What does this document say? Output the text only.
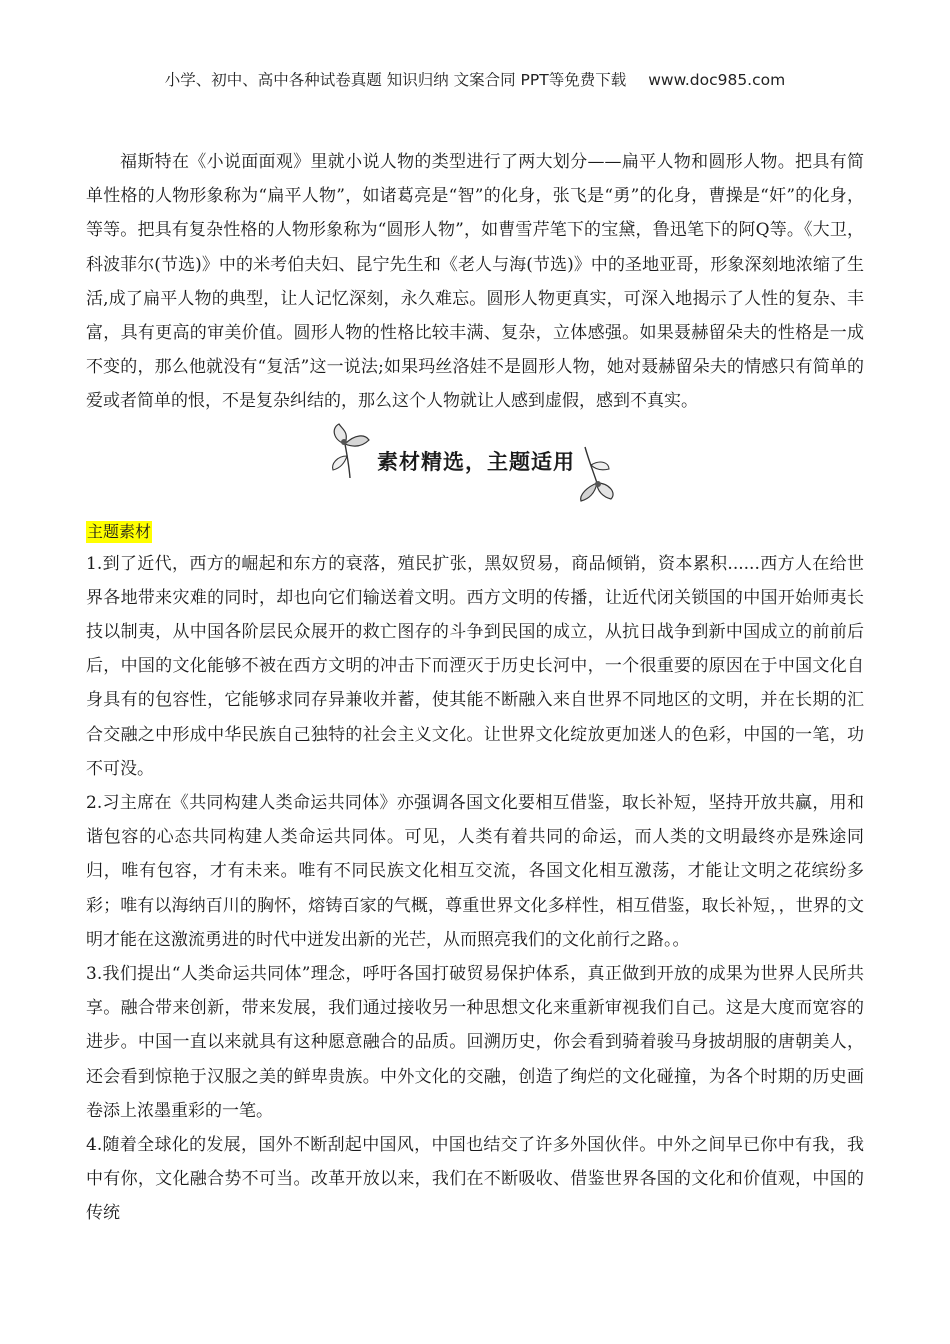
小学、初中、高中各种试卷真题 知识归纳 文案合同 PPT等免费下载 www.doc985.com

福斯特在《小说面面观》里就小说人物的类型进行了两大划分——扁平人物和圆形人物。把具有简单性格的人物形象称为“扁平人物”，如诸葛亮是“智”的化身，张飞是“勇”的化身，曹操是“奸”的化身，等等。把具有复杂性格的人物形象称为“圆形人物”，如曹雪芹笔下的宝黛，鲁迅笔下的阿Q等。《大卫，科波菲尔(节选)》中的米考伯夫妇、昆宁先生和《老人与海(节选)》中的圣地亚哥，形象深刻地浓缩了生活,成了扁平人物的典型，让人记忆深刻，永久难忘。圆形人物更真实，可深入地揭示了人性的复杂、丰富，具有更高的审美价值。圆形人物的性格比较丰满、复杂，立体感强。如果聂赫留朵夫的性格是一成不变的，那么他就没有“复活”这一说法;如果玛丝洛娃不是圆形人物，她对聂赫留朵夫的情感只有简单的爱或者简单的恨，不是复杂纠结的，那么这个人物就让人感到虚假，感到不真实。

素材精选，主题适用
主题素材

1.到了近代，西方的崛起和东方的衰落，殖民扩张，黑奴贸易，商品倾销，资本累积......西方人在给世界各地带来灾难的同时，却也向它们输送着文明。西方文明的传播，让近代闭关锁国的中国开始师夷长技以制夷，从中国各阶层民众展开的救亡图存的斗争到民国的成立，从抗日战争到新中国成立的前前后后，中国的文化能够不被在西方文明的冲击下而湮灭于历史长河中，一个很重要的原因在于中国文化自身具有的包容性，它能够求同存异兼收并蓄，使其能不断融入来自世界不同地区的文明，并在长期的汇合交融之中形成中华民族自己独特的社会主义文化。让世界文化绽放更加迷人的色彩，中国的一笔，功不可没。

2.习主席在《共同构建人类命运共同体》亦强调各国文化要相互借鉴，取长补短，坚持开放共赢，用和谐包容的心态共同构建人类命运共同体。可见，人类有着共同的命运，而人类的文明最终亦是殊途同归，唯有包容，才有未来。唯有不同民族文化相互交流，各国文化相互激荡，才能让文明之花缤纷多彩；唯有以海纳百川的胸怀，熔铸百家的气概，尊重世界文化多样性，相互借鉴，取长补短，，世界的文明才能在这激流勇进的时代中迸发出新的光芒，从而照亮我们的文化前行之路。。

3.我们提出“人类命运共同体”理念，呼吁各国打破贸易保护体系，真正做到开放的成果为世界人民所共享。融合带来创新，带来发展，我们通过接收另一种思想文化来重新审视我们自己。这是大度而宽容的进步。中国一直以来就具有这种愿意融合的品质。回溯历史，你会看到骑着骏马身披胡服的唐朝美人，还会看到惊艳于汉服之美的鲜卑贵族。中外文化的交融，创造了绚烂的文化碰撞，为各个时期的历史画卷添上浓墨重彩的一笔。

4.随着全球化的发展，国外不断刮起中国风，中国也结交了许多外国伙伴。中外之间早已你中有我，我中有你，文化融合势不可当。改革开放以来，我们在不断吸收、借鉴世界各国的文化和价值观，中国的传统
